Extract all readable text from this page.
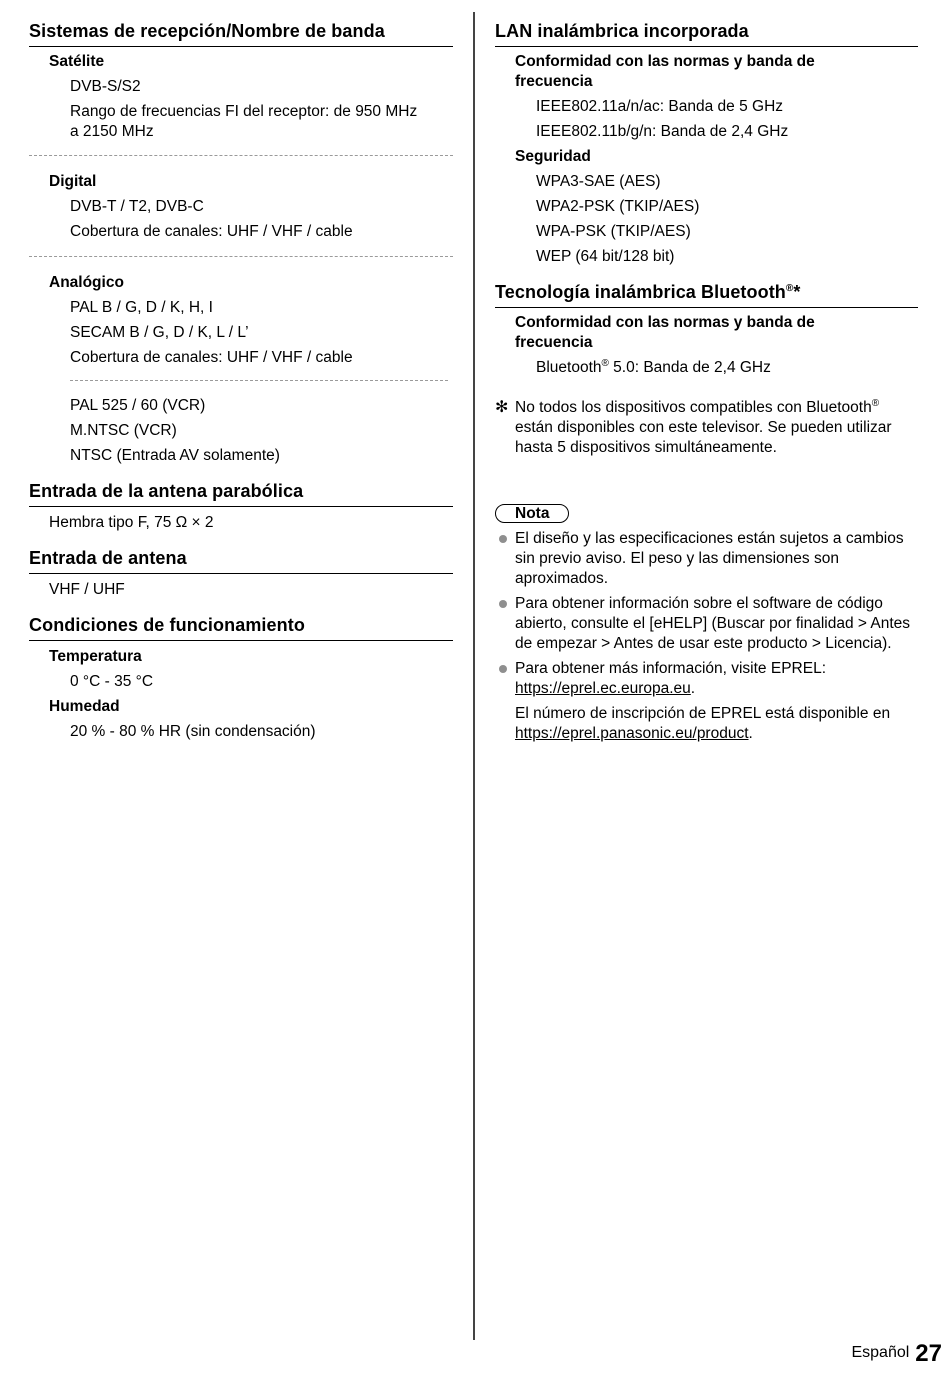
Sistemas de recepción/Nombre de banda

Satélite

DVB-S/S2

Rango de frecuencias FI del receptor: de 950 MHz

a 2150 MHz

Digital

DVB-T / T2, DVB-C

Cobertura de canales: UHF / VHF / cable

Analógico

PAL B / G, D / K, H, I

SECAM B / G, D / K, L / L’

Cobertura de canales: UHF / VHF / cable

PAL 525 / 60 (VCR)

M.NTSC (VCR)

NTSC (Entrada AV solamente)

Entrada de la antena parabólica

Hembra tipo F, 75 Ω × 2

Entrada de antena

VHF / UHF

Condiciones de funcionamiento

Temperatura

0 °C - 35 °C

Humedad

20 % - 80 % HR (sin condensación)

LAN inalámbrica incorporada

Conformidad con las normas y banda de frecuencia

IEEE802.11a/n/ac: Banda de 5 GHz

IEEE802.11b/g/n: Banda de 2,4 GHz

Seguridad

WPA3-SAE (AES)

WPA2-PSK (TKIP/AES)

WPA-PSK (TKIP/AES)

WEP (64 bit/128 bit)

Tecnología inalámbrica Bluetooth®*

Conformidad con las normas y banda de frecuencia

Bluetooth® 5.0: Banda de 2,4 GHz

✻ No todos los dispositivos compatibles con Bluetooth® están disponibles con este televisor. Se pueden utilizar hasta 5 dispositivos simultáneamente.
Nota
El diseño y las especificaciones están sujetos a cambios sin previo aviso. El peso y las dimensiones son aproximados.
Para obtener información sobre el software de código abierto, consulte el [eHELP] (Buscar por finalidad > Antes de empezar > Antes de usar este producto > Licencia).
Para obtener más información, visite EPREL:
https://eprel.ec.europa.eu.
El número de inscripción de EPREL está disponible en
https://eprel.panasonic.eu/product.
Español 27
